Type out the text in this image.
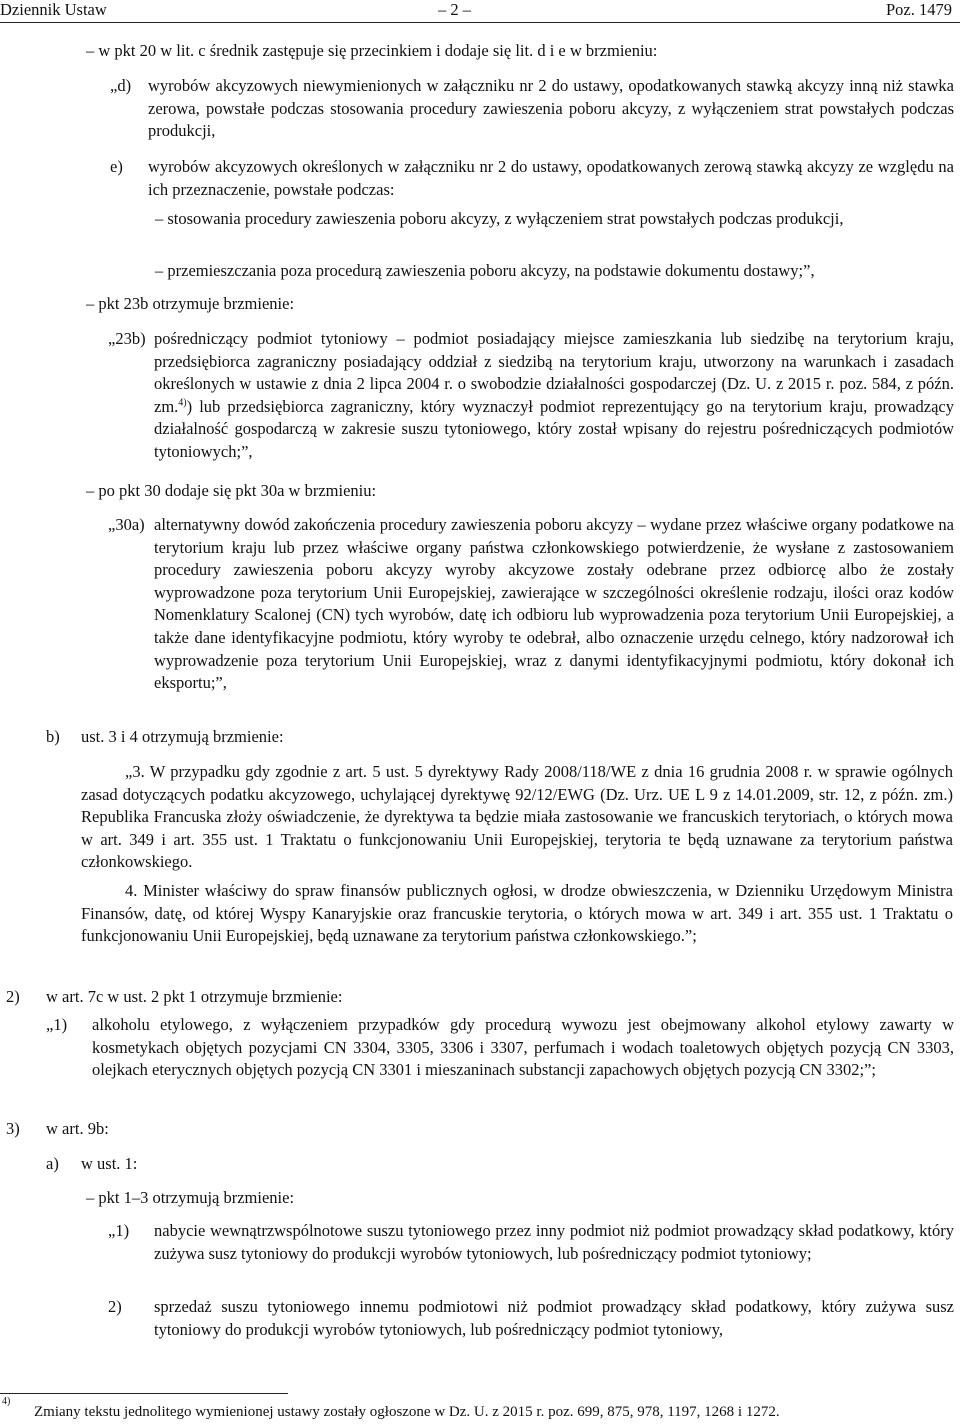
Dziennik Ustaw	– 2 –	Poz. 1479
– w pkt 20 w lit. c średnik zastępuje się przecinkiem i dodaje się lit. d i e w brzmieniu:
„d) wyrobów akcyzowych niewymienionych w załączniku nr 2 do ustawy, opodatkowanych stawką akcyzy inną niż stawka zerowa, powstałe podczas stosowania procedury zawieszenia poboru akcyzy, z wyłączeniem strat powstałych podczas produkcji,
e) wyrobów akcyzowych określonych w załączniku nr 2 do ustawy, opodatkowanych zerową stawką akcyzy ze względu na ich przeznaczenie, powstałe podczas:
– stosowania procedury zawieszenia poboru akcyzy, z wyłączeniem strat powstałych podczas produkcji,
– przemieszczania poza procedurą zawieszenia poboru akcyzy, na podstawie dokumentu dostawy;”,
– pkt 23b otrzymuje brzmienie:
„23b) pośredniczący podmiot tytoniowy – podmiot posiadający miejsce zamieszkania lub siedzibę na terytorium kraju, przedsiębiorca zagraniczny posiadający oddział z siedzibą na terytorium kraju, utworzony na warunkach i zasadach określonych w ustawie z dnia 2 lipca 2004 r. o swobodzie działalności gospodarczej (Dz. U. z 2015 r. poz. 584, z późn. zm.$^{4)}$) lub przedsiębiorca zagraniczny, który wyznaczył podmiot reprezentujący go na terytorium kraju, prowadzący działalność gospodarczą w zakresie suszu tytoniowego, który został wpisany do rejestru pośredniczących podmiotów tytoniowych;”,
– po pkt 30 dodaje się pkt 30a w brzmieniu:
„30a) alternatywny dowód zakończenia procedury zawieszenia poboru akcyzy – wydane przez właściwe organy podatkowe na terytorium kraju lub przez właściwe organy państwa członkowskiego potwierdzenie, że wysłane z zastosowaniem procedury zawieszenia poboru akcyzy wyroby akcyzowe zostały odebrane przez odbiorcę albo że zostały wyprowadzone poza terytorium Unii Europejskiej, zawierające w szczególności określenie rodzaju, ilości oraz kodów Nomenklatury Scalonej (CN) tych wyrobów, datę ich odbioru lub wyprowadzenia poza terytorium Unii Europejskiej, a także dane identyfikacyjne podmiotu, który wyroby te odebrał, albo oznaczenie urzędu celnego, który nadzorował ich wyprowadzenie poza terytorium Unii Europejskiej, wraz z danymi identyfikacyjnymi podmiotu, który dokonał ich eksportu;”,
b) ust. 3 i 4 otrzymują brzmienie:
„3. W przypadku gdy zgodnie z art. 5 ust. 5 dyrektywy Rady 2008/118/WE z dnia 16 grudnia 2008 r. w sprawie ogólnych zasad dotyczących podatku akcyzowego, uchylającej dyrektywę 92/12/EWG (Dz. Urz. UE L 9 z 14.01.2009, str. 12, z późn. zm.) Republika Francuska złoży oświadczenie, że dyrektywa ta będzie miała zastosowanie we francuskich terytoriach, o których mowa w art. 349 i art. 355 ust. 1 Traktatu o funkcjonowaniu Unii Europejskiej, terytoria te będą uznawane za terytorium państwa członkowskiego.
4. Minister właściwy do spraw finansów publicznych ogłosi, w drodze obwieszczenia, w Dzienniku Urzędowym Ministra Finansów, datę, od której Wyspy Kanaryjskie oraz francuskie terytoria, o których mowa w art. 349 i art. 355 ust. 1 Traktatu o funkcjonowaniu Unii Europejskiej, będą uznawane za terytorium państwa członkowskiego.”;
2) w art. 7c w ust. 2 pkt 1 otrzymuje brzmienie:
„1) alkoholu etylowego, z wyłączeniem przypadków gdy procedurą wywozu jest obejmowany alkohol etylowy zawarty w kosmetykach objętych pozycjami CN 3304, 3305, 3306 i 3307, perfumach i wodach toaletowych objętych pozycją CN 3303, olejkach eterycznych objętych pozycją CN 3301 i mieszaninach substancji zapachowych objętych pozycją CN 3302;”;
3) w art. 9b:
a) w ust. 1:
– pkt 1–3 otrzymują brzmienie:
„1) nabycie wewnątrzwspólnotowe suszu tytoniowego przez inny podmiot niż podmiot prowadzący skład podatkowy, który zużywa susz tytoniowy do produkcji wyrobów tytoniowych, lub pośredniczący podmiot tytoniowy;
2) sprzedaż suszu tytoniowego innemu podmiotowi niż podmiot prowadzący skład podatkowy, który zużywa susz tytoniowy do produkcji wyrobów tytoniowych, lub pośredniczący podmiot tytoniowy,
4)
Zmiany tekstu jednolitego wymienionej ustawy zostały ogłoszone w Dz. U. z 2015 r. poz. 699, 875, 978, 1197, 1268 i 1272.
